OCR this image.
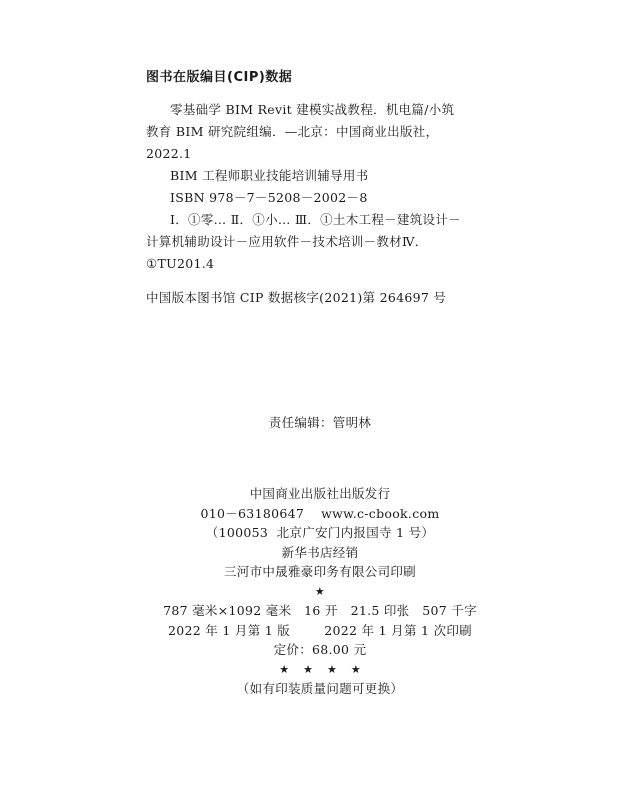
图书在版编目(CIP)数据
零基础学 BIM Revit 建模实战教程．机电篇/小筑
教育 BIM 研究院组编．—北京：中国商业出版社，
2022.1
BIM 工程师职业技能培训辅导用书
ISBN 978－7－5208－2002－8
Ⅰ．①零… Ⅱ．①小… Ⅲ．①土木工程－建筑设计－
计算机辅助设计－应用软件－技术培训－教材Ⅳ．
①TU201.4
中国版本图书馆 CIP 数据核字(2021)第 264697 号
责任编辑：管明林
中国商业出版社出版发行
010－63180647    www.c-cbook.com
（100053  北京广安门内报国寺 1 号）
新华书店经销
三河市中晟雅豪印务有限公司印刷
★
787 毫米×1092 毫米   16 开   21.5 印张   507 千字
2022 年 1 月第 1 版        2022 年 1 月第 1 次印刷
定价：68.00 元
★★★★
（如有印装质量问题可更换）
